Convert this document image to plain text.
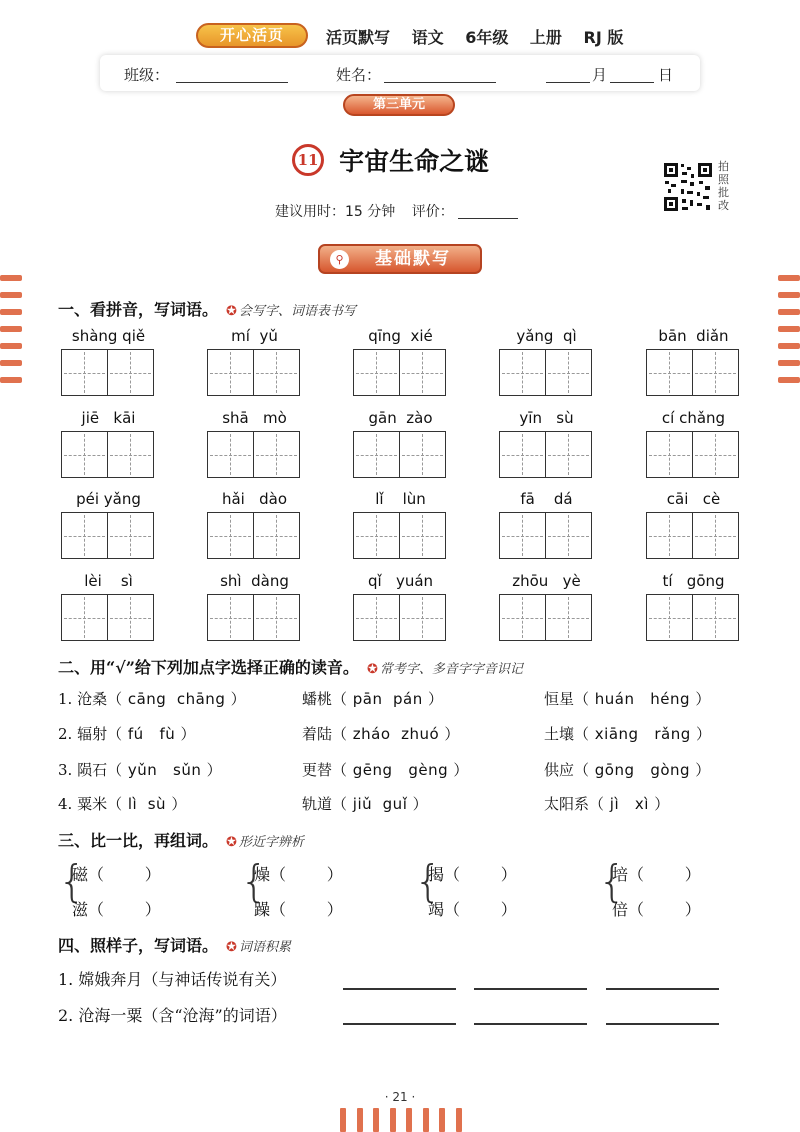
开心活页	活页默写 语文 6年级 上册 RJ 版
班级：	姓名：	月	日
第三单元
11 宇宙生命之谜	拍照批改
建议用时：15 分钟 评价：
⚲	基础默写
一、看拼音，写词语。 ✪ 会写字、词语表书写
shàng qiě	mí  yǔ	qīng  xié	yǎng  qì	bān  diǎn
jiē   kāi	shā   mò	gān  zào	yīn   sù	cí chǎng
péi yǎng	hǎi   dào	lǐ    lùn	fā    dá	cāi   cè
lèi    sì	shì  dàng	qǐ   yuán	zhōu   yè	tí   gōng
二、用“√”给下列加点字选择正确的读音。 ✪ 常考字、多音字字音识记
1. 沧桑（ cāng  chāng ）	蟠桃（ pān  pán ）	恒星（ huán   héng ）
2. 辐射（ fú   fù ）	着陆（ zháo  zhuó ）	土壤（ xiāng   rǎng ）
3. 陨石（ yǔn   sǔn ）	更替（ gēng   gèng ）	供应（ gōng   gòng ）
4. 粟米（ lì  sù ）	轨道（ jiǔ  guǐ ）	太阳系（ jì   xì ）
三、比一比，再组词。 ✪ 形近字辨析
{
磁（        ）
滋（        ）
{
燥（        ）
躁（        ）
{
揭（        ）
竭（        ）
{
培（        ）
倍（        ）
四、照样子，写词语。 ✪ 词语积累
1. 嫦娥奔月（与神话传说有关）
2. 沧海一粟（含“沧海”的词语）
· 21 ·
